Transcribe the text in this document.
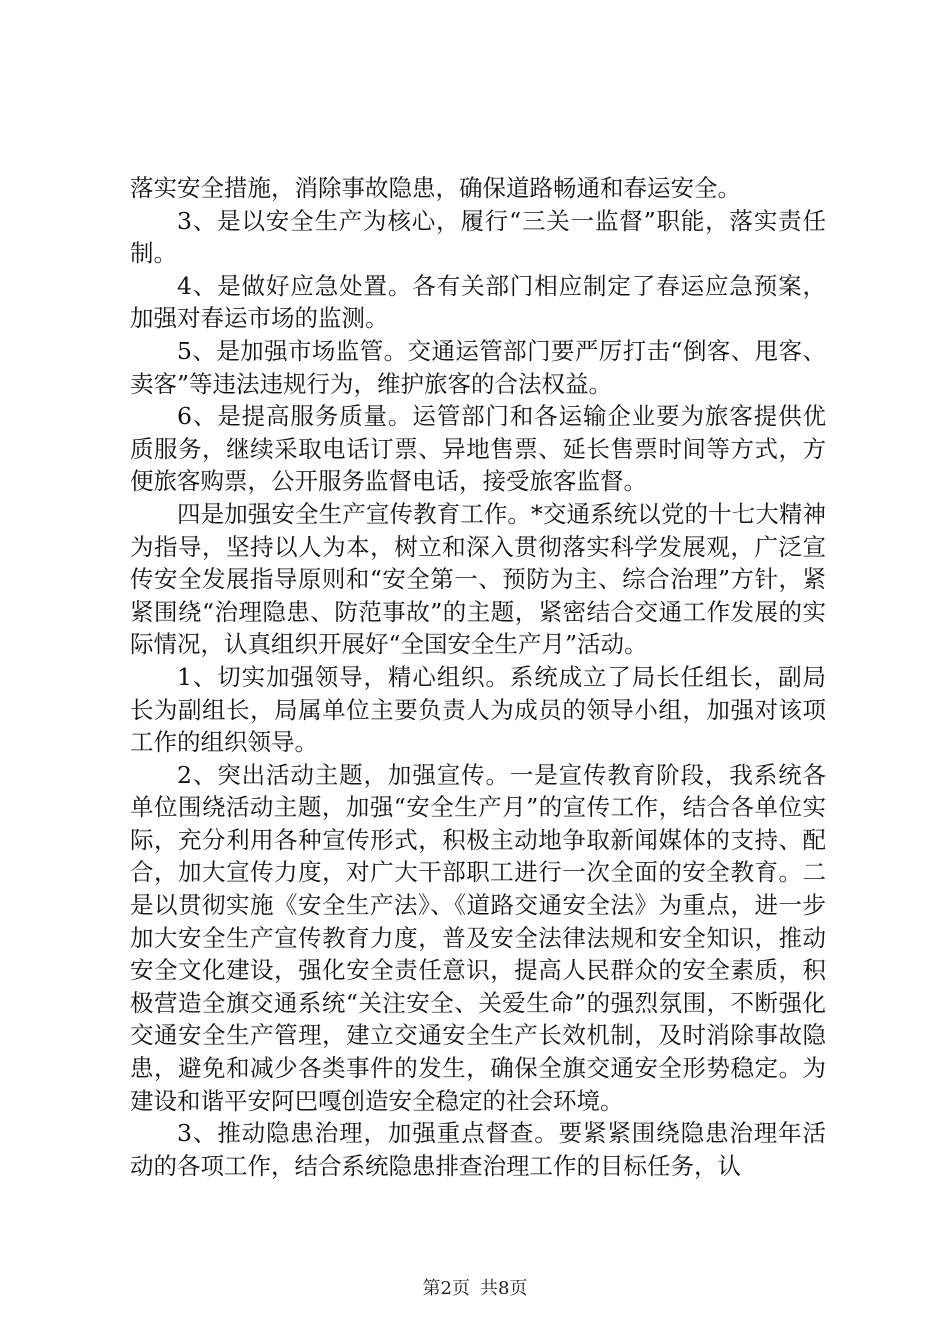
落实安全措施，消除事故隐患，确保道路畅通和春运安全。

3、是以安全生产为核心，履行“三关一监督”职能，落实责任制。

4、是做好应急处置。各有关部门相应制定了春运应急预案，加强对春运市场的监测。

5、是加强市场监管。交通运管部门要严厉打击“倒客、甩客、卖客”等违法违规行为，维护旅客的合法权益。

6、是提高服务质量。运管部门和各运输企业要为旅客提供优质服务，继续采取电话订票、异地售票、延长售票时间等方式，方便旅客购票，公开服务监督电话，接受旅客监督。

四是加强安全生产宣传教育工作。*交通系统以党的十七大精神为指导，坚持以人为本，树立和深入贯彻落实科学发展观，广泛宣传安全发展指导原则和“安全第一、预防为主、综合治理”方针，紧紧围绕“治理隐患、防范事故”的主题，紧密结合交通工作发展的实际情况，认真组织开展好“全国安全生产月”活动。

1、切实加强领导，精心组织。系统成立了局长任组长，副局长为副组长，局属单位主要负责人为成员的领导小组，加强对该项工作的组织领导。

2、突出活动主题，加强宣传。一是宣传教育阶段，我系统各单位围绕活动主题，加强“安全生产月”的宣传工作，结合各单位实际，充分利用各种宣传形式，积极主动地争取新闻媒体的支持、配合，加大宣传力度，对广大干部职工进行一次全面的安全教育。二是以贯彻实施《安全生产法》、《道路交通安全法》为重点，进一步加大安全生产宣传教育力度，普及安全法律法规和安全知识，推动安全文化建设，强化安全责任意识，提高人民群众的安全素质，积极营造全旗交通系统“关注安全、关爱生命”的强烈氛围，不断强化交通安全生产管理，建立交通安全生产长效机制，及时消除事故隐患，避免和减少各类事件的发生，确保全旗交通安全形势稳定。为建设和谐平安阿巴嘎创造安全稳定的社会环境。

3、推动隐患治理，加强重点督查。要紧紧围绕隐患治理年活动的各项工作，结合系统隐患排查治理工作的目标任务，认

第2页 共8页
